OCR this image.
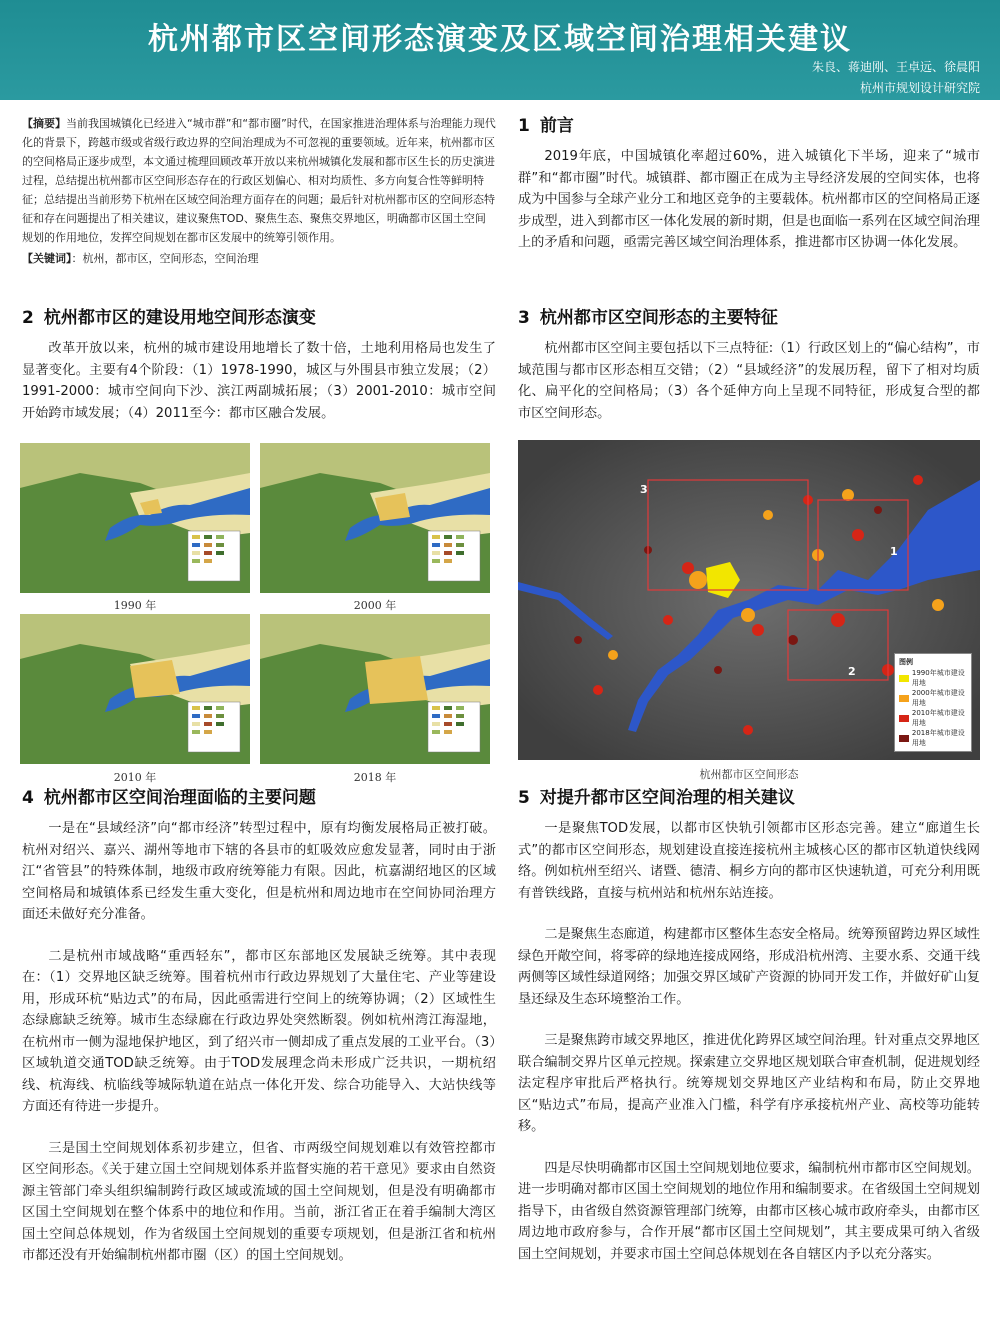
杭州都市区空间形态演变及区域空间治理相关建议
朱良、蒋迪刚、王卓远、徐晨阳
杭州市规划设计研究院
【摘要】当前我国城镇化已经进入“城市群”和“都市圈”时代，在国家推进治理体系与治理能力现代化的背景下，跨越市级或省级行政边界的空间治理成为不可忽视的重要领域。近年来，杭州都市区的空间格局正逐步成型，本文通过梳理回顾改革开放以来杭州城镇化发展和都市区生长的历史演进过程，总结提出杭州都市区空间形态存在的行政区划偏心、相对均质性、多方向复合性等鲜明特征；总结提出当前形势下杭州在区域空间治理方面存在的问题；最后针对杭州都市区的空间形态特征和存在问题提出了相关建议，建议聚焦TOD、聚焦生态、聚焦交界地区，明确都市区国土空间规划的作用地位，发挥空间规划在都市区发展中的统筹引领作用。
【关键词】：杭州，都市区，空间形态，空间治理
1 前言
2019年底，中国城镇化率超过60%，进入城镇化下半场，迎来了“城市群”和“都市圈”时代。城镇群、都市圈正在成为主导经济发展的空间实体，也将成为中国参与全球产业分工和地区竞争的主要载体。杭州都市区的空间格局正逐步成型，进入到都市区一体化发展的新时期，但是也面临一系列在区域空间治理上的矛盾和问题，亟需完善区域空间治理体系，推进都市区协调一体化发展。
2 杭州都市区的建设用地空间形态演变
改革开放以来，杭州的城市建设用地增长了数十倍，土地利用格局也发生了显著变化。主要有4个阶段：（1）1978-1990，城区与外围县市独立发展；（2）1991-2000：城市空间向下沙、滨江两副城拓展；（3）2001-2010：城市空间开始跨市域发展；（4）2011至今：都市区融合发展。
1990 年	2000 年
2010 年	2018 年
3 杭州都市区空间形态的主要特征
杭州都市区空间主要包括以下三点特征:（1）行政区划上的“偏心结构”，市域范围与都市区形态相互交错；（2）“县域经济”的发展历程，留下了相对均质化、扁平化的空间格局；（3）各个延伸方向上呈现不同特征，形成复合型的都市区空间形态。
3
1
2
图例
1990年城市建设用地
2000年城市建设用地
2010年城市建设用地
2018年城市建设用地
杭州都市区空间形态
4 杭州都市区空间治理面临的主要问题
一是在“县域经济”向“都市经济”转型过程中，原有均衡发展格局正被打破。杭州对绍兴、嘉兴、湖州等地市下辖的各县市的虹吸效应愈发显著，同时由于浙江“省管县”的特殊体制，地级市政府统筹能力有限。因此，杭嘉湖绍地区的区域空间格局和城镇体系已经发生重大变化，但是杭州和周边地市在空间协同治理方面还未做好充分准备。
二是杭州市域战略“重西轻东”，都市区东部地区发展缺乏统筹。其中表现在：（1）交界地区缺乏统筹。围着杭州市行政边界规划了大量住宅、产业等建设用，形成环杭“贴边式”的布局，因此亟需进行空间上的统筹协调；（2）区域性生态绿廊缺乏统筹。城市生态绿廊在行政边界处突然断裂。例如杭州湾江海湿地，在杭州市一侧为湿地保护地区，到了绍兴市一侧却成了重点发展的工业平台。（3）区域轨道交通TOD缺乏统筹。由于TOD发展理念尚未形成广泛共识，一期杭绍线、杭海线、杭临线等城际轨道在站点一体化开发、综合功能导入、大站快线等方面还有待进一步提升。
三是国土空间规划体系初步建立，但省、市两级空间规划难以有效管控都市区空间形态。《关于建立国土空间规划体系并监督实施的若干意见》要求由自然资源主管部门牵头组织编制跨行政区域或流域的国土空间规划，但是没有明确都市区国土空间规划在整个体系中的地位和作用。当前，浙江省正在着手编制大湾区国土空间总体规划，作为省级国土空间规划的重要专项规划，但是浙江省和杭州市都还没有开始编制杭州都市圈（区）的国土空间规划。
5 对提升都市区空间治理的相关建议
一是聚焦TOD发展，以都市区快轨引领都市区形态完善。建立“廊道生长式”的都市区空间形态，规划建设直接连接杭州主城核心区的都市区轨道快线网络。例如杭州至绍兴、诸暨、德清、桐乡方向的都市区快速轨道，可充分利用既有普铁线路，直接与杭州站和杭州东站连接。
二是聚焦生态廊道，构建都市区整体生态安全格局。统筹预留跨边界区域性绿色开敞空间，将零碎的绿地连接成网络，形成沿杭州湾、主要水系、交通干线两侧等区域性绿道网络；加强交界区域矿产资源的协同开发工作，并做好矿山复垦还绿及生态环境整治工作。
三是聚焦跨市域交界地区，推进优化跨界区域空间治理。针对重点交界地区联合编制交界片区单元控规。探索建立交界地区规划联合审查机制，促进规划经法定程序审批后严格执行。统筹规划交界地区产业结构和布局，防止交界地区“贴边式”布局，提高产业准入门槛，科学有序承接杭州产业、高校等功能转移。
四是尽快明确都市区国土空间规划地位要求，编制杭州市都市区空间规划。进一步明确对都市区国土空间规划的地位作用和编制要求。在省级国土空间规划指导下，由省级自然资源管理部门统筹，由都市区核心城市政府牵头，由都市区周边地市政府参与，合作开展“都市区国土空间规划”，其主要成果可纳入省级国土空间规划，并要求市国土空间总体规划在各自辖区内予以充分落实。
